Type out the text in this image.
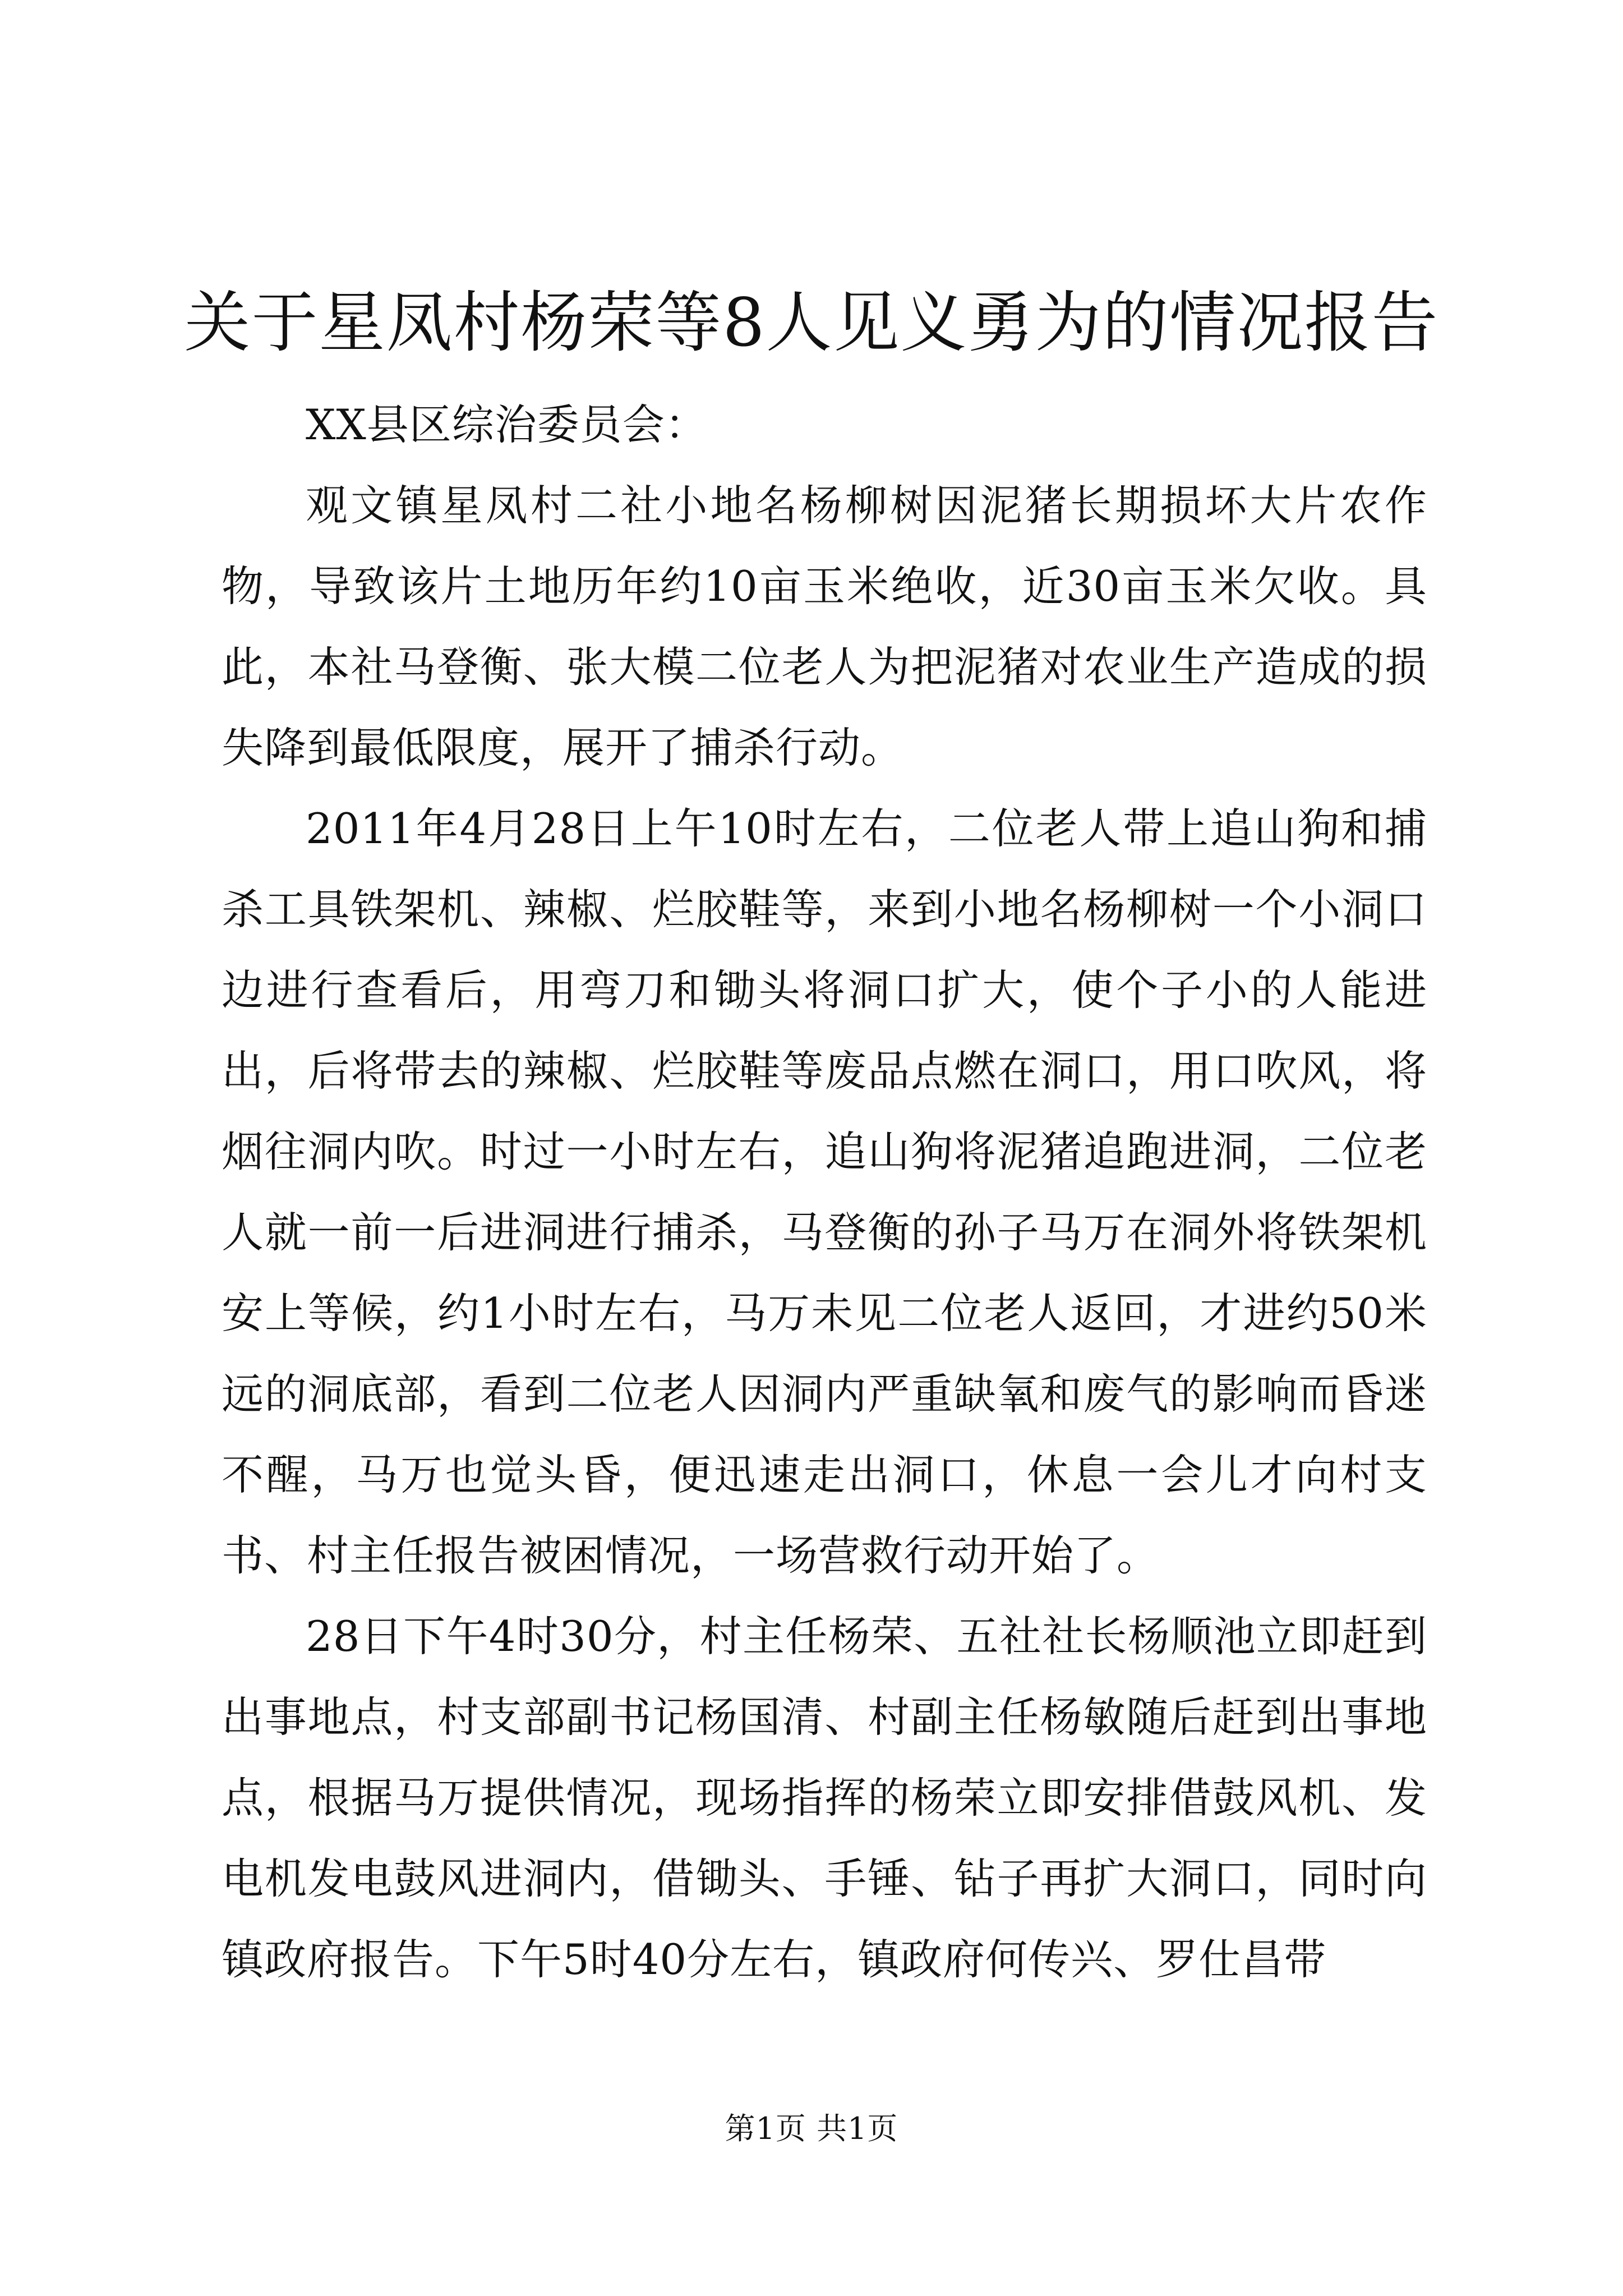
关于星凤村杨荣等8人见义勇为的情况报告

XX县区综治委员会：

观文镇星凤村二社小地名杨柳树因泥猪长期损坏大片农作物，导致该片土地历年约10亩玉米绝收，近30亩玉米欠收。具此，本社马登衡、张大模二位老人为把泥猪对农业生产造成的损失降到最低限度，展开了捕杀行动。

2011年4月28日上午10时左右，二位老人带上追山狗和捕杀工具铁架机、辣椒、烂胶鞋等，来到小地名杨柳树一个小洞口边进行查看后，用弯刀和锄头将洞口扩大，使个子小的人能进出，后将带去的辣椒、烂胶鞋等废品点燃在洞口，用口吹风，将烟往洞内吹。时过一小时左右，追山狗将泥猪追跑进洞，二位老人就一前一后进洞进行捕杀，马登衡的孙子马万在洞外将铁架机安上等候，约1小时左右，马万未见二位老人返回，才进约50米远的洞底部，看到二位老人因洞内严重缺氧和废气的影响而昏迷不醒，马万也觉头昏，便迅速走出洞口，休息一会儿才向村支书、村主任报告被困情况，一场营救行动开始了。

28日下午4时30分，村主任杨荣、五社社长杨顺池立即赶到出事地点，村支部副书记杨国清、村副主任杨敏随后赶到出事地点，根据马万提供情况，现场指挥的杨荣立即安排借鼓风机、发电机发电鼓风进洞内，借锄头、手锤、钻子再扩大洞口，同时向镇政府报告。下午5时40分左右，镇政府何传兴、罗仕昌带

第1页 共1页
